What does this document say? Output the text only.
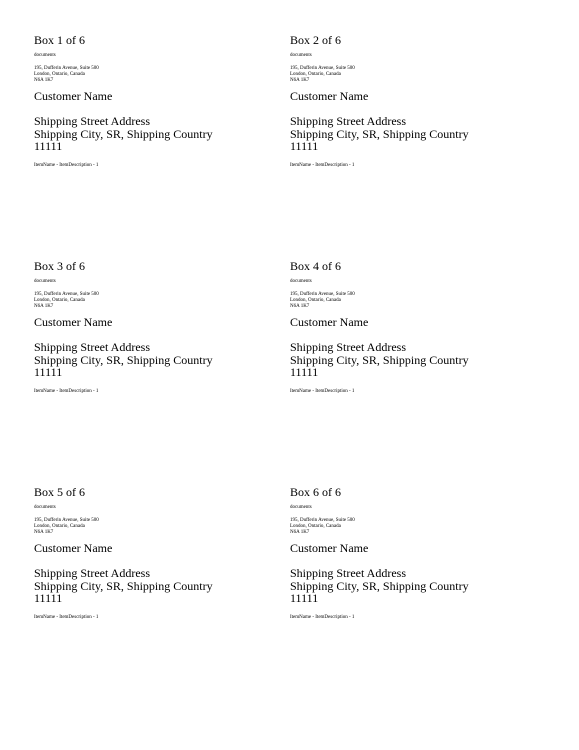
Box 1 of 6
documents
195, Dufferin Avenue, Suite 500
London, Ontario, Canada
N6A 1K7
Customer Name
Shipping Street Address
Shipping City, SR, Shipping Country
11111
ItemName - ItemDescription - 1
Box 2 of 6
documents
195, Dufferin Avenue, Suite 500
London, Ontario, Canada
N6A 1K7
Customer Name
Shipping Street Address
Shipping City, SR, Shipping Country
11111
ItemName - ItemDescription - 1
Box 3 of 6
documents
195, Dufferin Avenue, Suite 500
London, Ontario, Canada
N6A 1K7
Customer Name
Shipping Street Address
Shipping City, SR, Shipping Country
11111
ItemName - ItemDescription - 1
Box 4 of 6
documents
195, Dufferin Avenue, Suite 500
London, Ontario, Canada
N6A 1K7
Customer Name
Shipping Street Address
Shipping City, SR, Shipping Country
11111
ItemName - ItemDescription - 1
Box 5 of 6
documents
195, Dufferin Avenue, Suite 500
London, Ontario, Canada
N6A 1K7
Customer Name
Shipping Street Address
Shipping City, SR, Shipping Country
11111
ItemName - ItemDescription - 1
Box 6 of 6
documents
195, Dufferin Avenue, Suite 500
London, Ontario, Canada
N6A 1K7
Customer Name
Shipping Street Address
Shipping City, SR, Shipping Country
11111
ItemName - ItemDescription - 1
